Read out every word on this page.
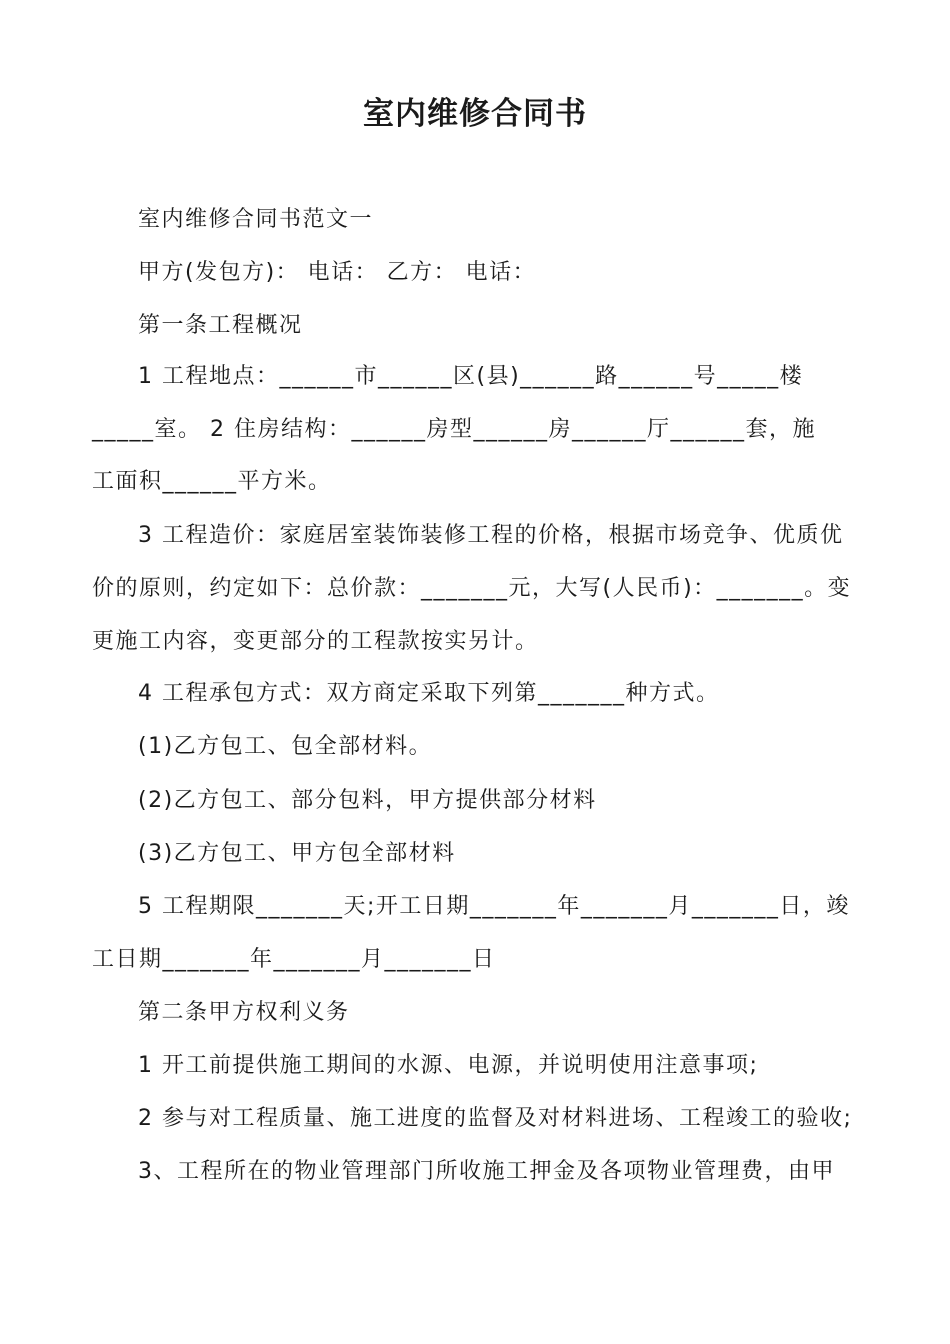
室内维修合同书
室内维修合同书范文一
甲方(发包方)： 电话： 乙方： 电话：
第一条工程概况
1 工程地点：______市______区(县)______路______号_____楼
_____室。 2 住房结构：______房型______房______厅______套，施
工面积______平方米。
3 工程造价：家庭居室装饰装修工程的价格，根据市场竞争、优质优
价的原则，约定如下：总价款：_______元，大写(人民币)：_______。变
更施工内容，变更部分的工程款按实另计。
4 工程承包方式：双方商定采取下列第_______种方式。
(1)乙方包工、包全部材料。
(2)乙方包工、部分包料，甲方提供部分材料
(3)乙方包工、甲方包全部材料
5 工程期限_______天;开工日期_______年_______月_______日，竣
工日期_______年_______月_______日
第二条甲方权利义务
1 开工前提供施工期间的水源、电源，并说明使用注意事项;
2 参与对工程质量、施工进度的监督及对材料进场、工程竣工的验收;
3、工程所在的物业管理部门所收施工押金及各项物业管理费，由甲
